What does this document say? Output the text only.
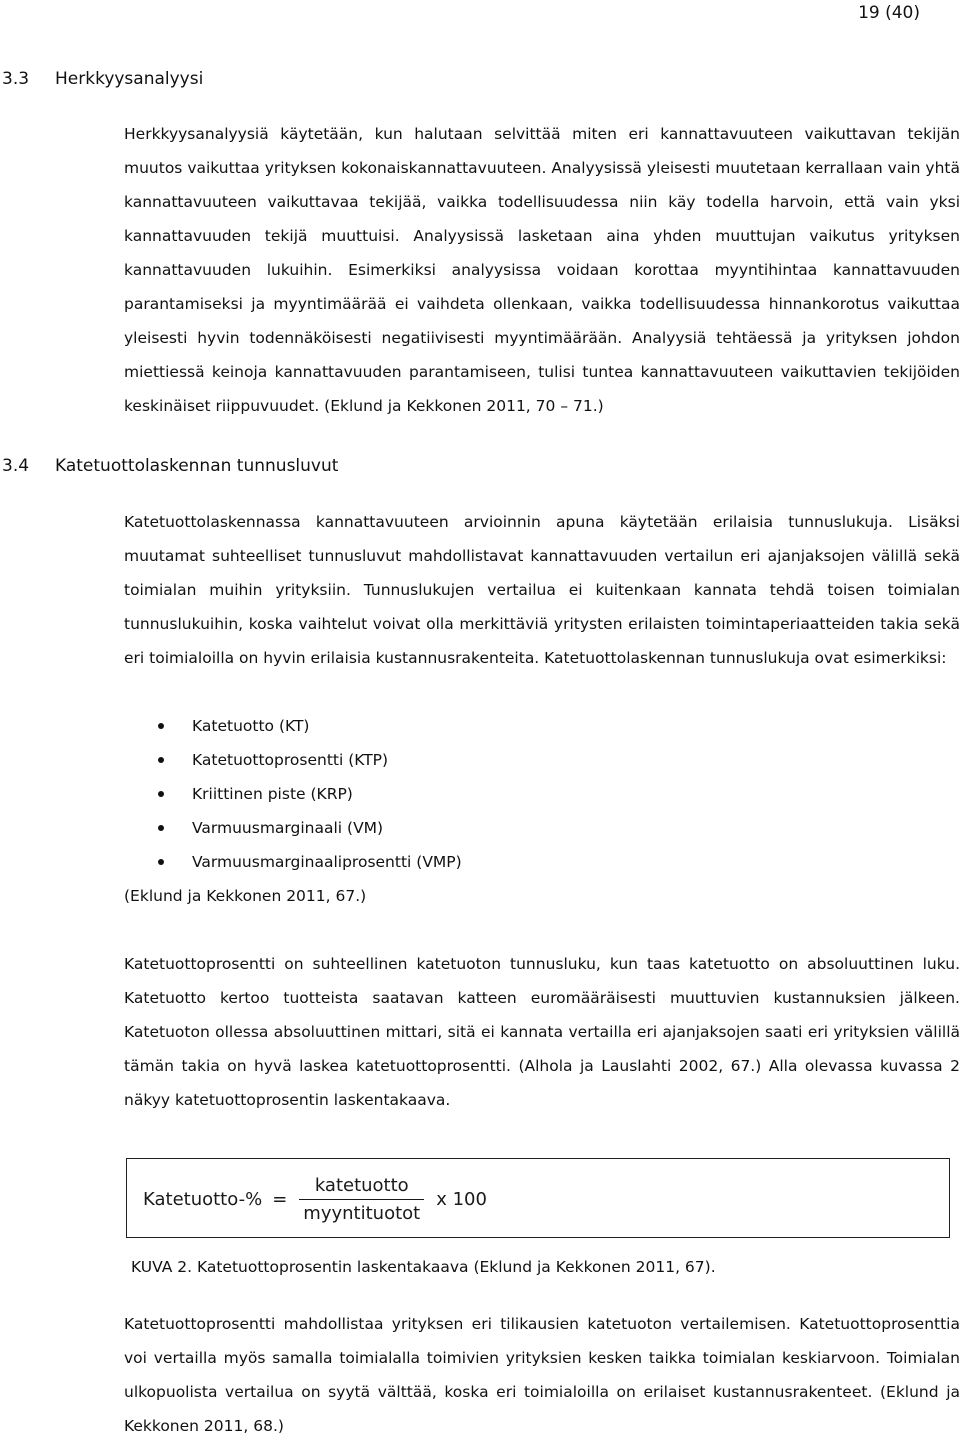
19 (40)
3.3 Herkkyysanalyysi

Herkkyysanalyysiä käytetään, kun halutaan selvittää miten eri kannattavuuteen vaikuttavan tekijän muutos vaikuttaa yrityksen kokonaiskannattavuuteen. Analyysissä yleisesti muutetaan kerrallaan vain yhtä kannattavuuteen vaikuttavaa tekijää, vaikka todellisuudessa niin käy todella harvoin, että vain yksi kannattavuuden tekijä muuttuisi. Analyysissä lasketaan aina yhden muuttujan vaikutus yrityksen kannattavuuden lukuihin. Esimerkiksi analyysissa voidaan korottaa myyntihintaa kannattavuuden parantamiseksi ja myyntimäärää ei vaihdeta ollenkaan, vaikka todellisuudessa hinnankorotus vaikuttaa yleisesti hyvin todennäköisesti negatiivisesti myyntimäärään. Analyysiä tehtäessä ja yrityksen johdon miettiessä keinoja kannattavuuden parantamiseen, tulisi tuntea kannattavuuteen vaikuttavien tekijöiden keskinäiset riippuvuudet. (Eklund ja Kekkonen 2011, 70 – 71.)

3.4 Katetuottolaskennan tunnusluvut

Katetuottolaskennassa kannattavuuteen arvioinnin apuna käytetään erilaisia tunnuslukuja. Lisäksi muutamat suhteelliset tunnusluvut mahdollistavat kannattavuuden vertailun eri ajanjaksojen välillä sekä toimialan muihin yrityksiin. Tunnuslukujen vertailua ei kuitenkaan kannata tehdä toisen toimialan tunnuslukuihin, koska vaihtelut voivat olla merkittäviä yritysten erilaisten toimintaperiaatteiden takia sekä eri toimialoilla on hyvin erilaisia kustannusrakenteita. Katetuottolaskennan tunnuslukuja ovat esimerkiksi:

Katetuotto (KT)
Katetuottoprosentti (KTP)
Kriittinen piste (KRP)
Varmuusmarginaali (VM)
Varmuusmarginaaliprosentti (VMP)

(Eklund ja Kekkonen 2011, 67.)

Katetuottoprosentti on suhteellinen katetuoton tunnusluku, kun taas katetuotto on absoluuttinen luku. Katetuotto kertoo tuotteista saatavan katteen euromääräisesti muuttuvien kustannuksien jälkeen. Katetuoton ollessa absoluuttinen mittari, sitä ei kannata vertailla eri ajanjaksojen saati eri yrityksien välillä tämän takia on hyvä laskea katetuottoprosentti. (Alhola ja Lauslahti 2002, 67.) Alla olevassa kuvassa 2 näkyy katetuottoprosentin laskentakaava.

Katetuotto-% = $\frac{\text{katetuotto}}{\text{myyntituotot}}$ x 100
KUVA 2. Katetuottoprosentin laskentakaava (Eklund ja Kekkonen 2011, 67).

Katetuottoprosentti mahdollistaa yrityksen eri tilikausien katetuoton vertailemisen. Katetuottoprosenttia voi vertailla myös samalla toimialalla toimivien yrityksien kesken taikka toimialan keskiarvoon. Toimialan ulkopuolista vertailua on syytä välttää, koska eri toimialoilla on erilaiset kustannusrakenteet. (Eklund ja Kekkonen 2011, 68.)
